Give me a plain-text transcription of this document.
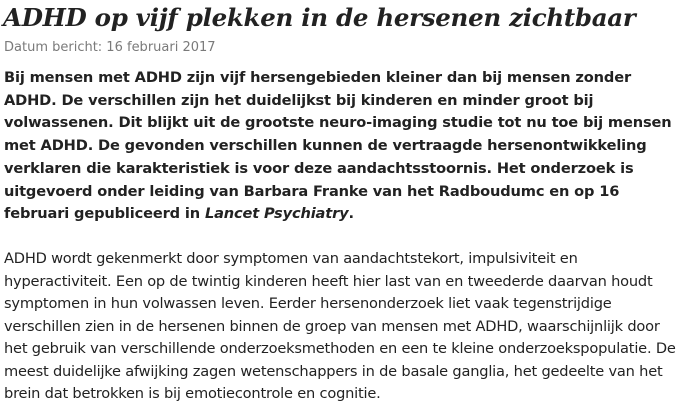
ADHD op vijf plekken in de hersenen zichtbaar
Datum bericht: 16 februari 2017

Bij mensen met ADHD zijn vijf hersengebieden kleiner dan bij mensen zonder ADHD. De verschillen zijn het duidelijkst bij kinderen en minder groot bij volwassenen. Dit blijkt uit de grootste neuro-imaging studie tot nu toe bij mensen met ADHD. De gevonden verschillen kunnen de vertraagde hersenontwikkeling verklaren die karakteristiek is voor deze aandachtsstoornis. Het onderzoek is uitgevoerd onder leiding van Barbara Franke van het Radboudumc en op 16 februari gepubliceerd in Lancet Psychiatry.

ADHD wordt gekenmerkt door symptomen van aandachtstekort, impulsiviteit en hyperactiviteit. Een op de twintig kinderen heeft hier last van en tweederde daarvan houdt symptomen in hun volwassen leven. Eerder hersenonderzoek liet vaak tegenstrijdige verschillen zien in de hersenen binnen de groep van mensen met ADHD, waarschijnlijk door het gebruik van verschillende onderzoeksmethoden en een te kleine onderzoekspopulatie. De meest duidelijke afwijking zagen wetenschappers in de basale ganglia, het gedeelte van het brein dat betrokken is bij emotiecontrole en cognitie.
